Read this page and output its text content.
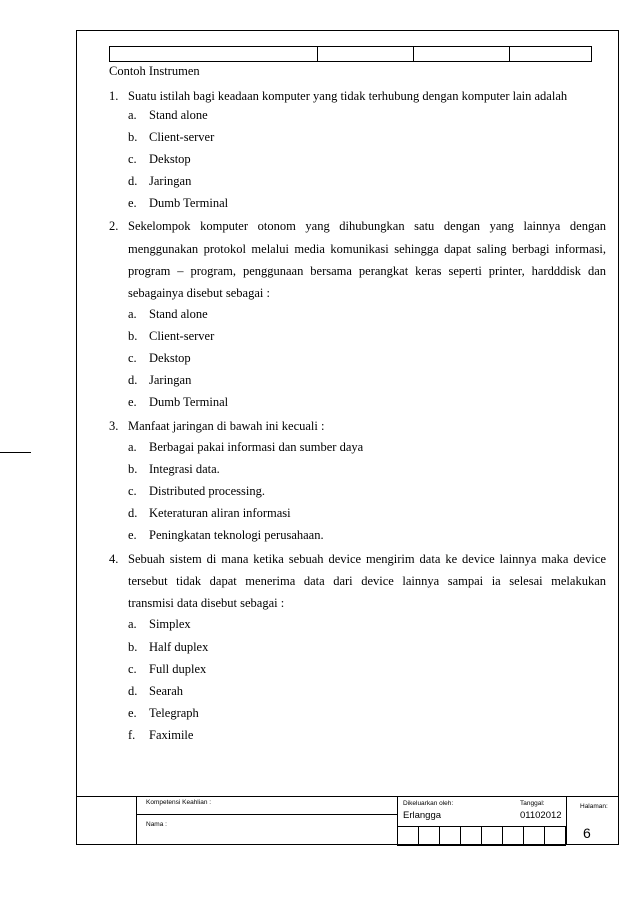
Contoh Instrumen
1. Suatu istilah bagi keadaan komputer yang tidak terhubung dengan komputer lain adalah
a. Stand alone
b. Client-server
c. Dekstop
d. Jaringan
e. Dumb Terminal
2. Sekelompok komputer otonom yang dihubungkan satu dengan yang lainnya dengan
menggunakan protokol melalui media komunikasi sehingga dapat saling berbagi informasi,
program – program, penggunaan bersama perangkat keras seperti printer, hardddisk dan
sebagainya disebut sebagai :
a. Stand alone
b. Client-server
c. Dekstop
d. Jaringan
e. Dumb Terminal
3. Manfaat jaringan di bawah ini kecuali :
a. Berbagai pakai informasi dan sumber daya
b. Integrasi data.
c. Distributed processing.
d. Keteraturan aliran informasi
e. Peningkatan teknologi perusahaan.
4. Sebuah sistem di mana ketika sebuah device mengirim data ke device lainnya maka device
tersebut tidak dapat menerima data dari device lainnya sampai ia selesai melakukan
transmisi data disebut sebagai :
a. Simplex
b. Half duplex
c. Full duplex
d. Searah
e. Telegraph
f. Faximile
Kompetensi Keahlian :
Nama :
Dikeluarkan oleh:
Erlangga
Tanggal:
01102012
Halaman:
6
